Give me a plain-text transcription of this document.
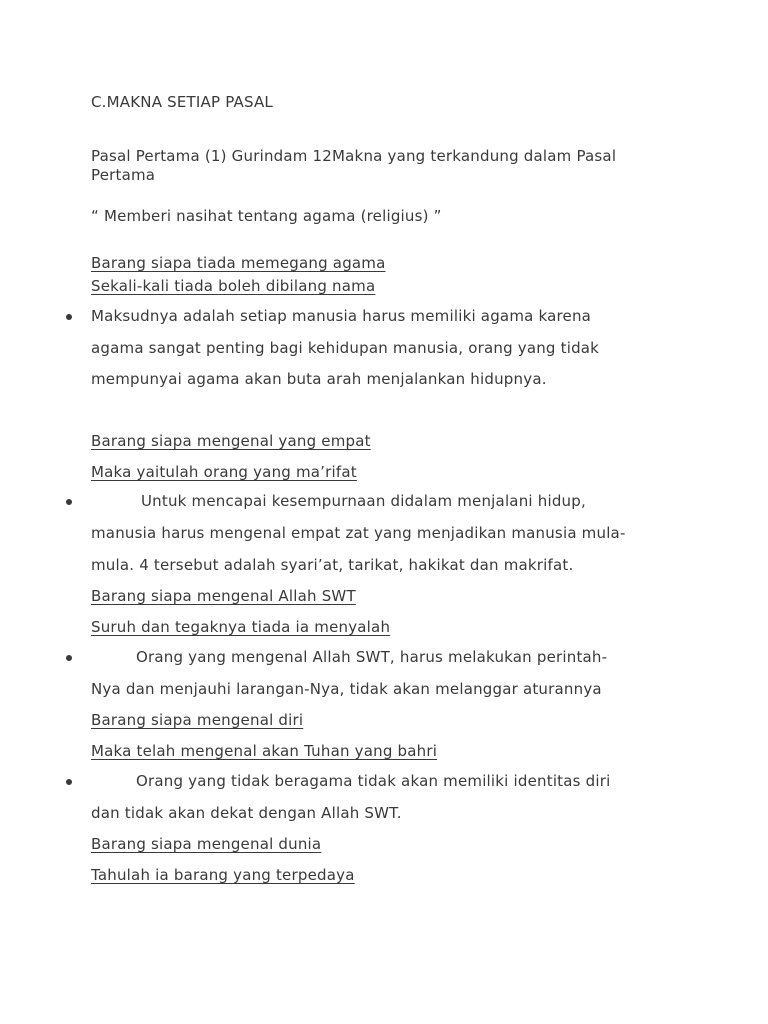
C.MAKNA SETIAP PASAL
Pasal Pertama (1) Gurindam 12Makna yang terkandung dalam Pasal
Pertama
“ Memberi nasihat tentang agama (religius) ”
Barang siapa tiada memegang agama
Sekali-kali tiada boleh dibilang nama
Maksudnya adalah setiap manusia harus memiliki agama karena
agama sangat penting bagi kehidupan manusia, orang yang tidak
mempunyai agama akan buta arah menjalankan hidupnya.
Barang siapa mengenal yang empat
Maka yaitulah orang yang ma’rifat
Untuk mencapai kesempurnaan didalam menjalani hidup,
manusia harus mengenal empat zat yang menjadikan manusia mula-
mula. 4 tersebut adalah syari’at, tarikat, hakikat dan makrifat.
Barang siapa mengenal Allah SWT
Suruh dan tegaknya tiada ia menyalah
Orang yang mengenal Allah SWT, harus melakukan perintah-
Nya dan menjauhi larangan-Nya, tidak akan melanggar aturannya
Barang siapa mengenal diri
Maka telah mengenal akan Tuhan yang bahri
Orang yang tidak beragama tidak akan memiliki identitas diri
dan tidak akan dekat dengan Allah SWT.
Barang siapa mengenal dunia
Tahulah ia barang yang terpedaya
